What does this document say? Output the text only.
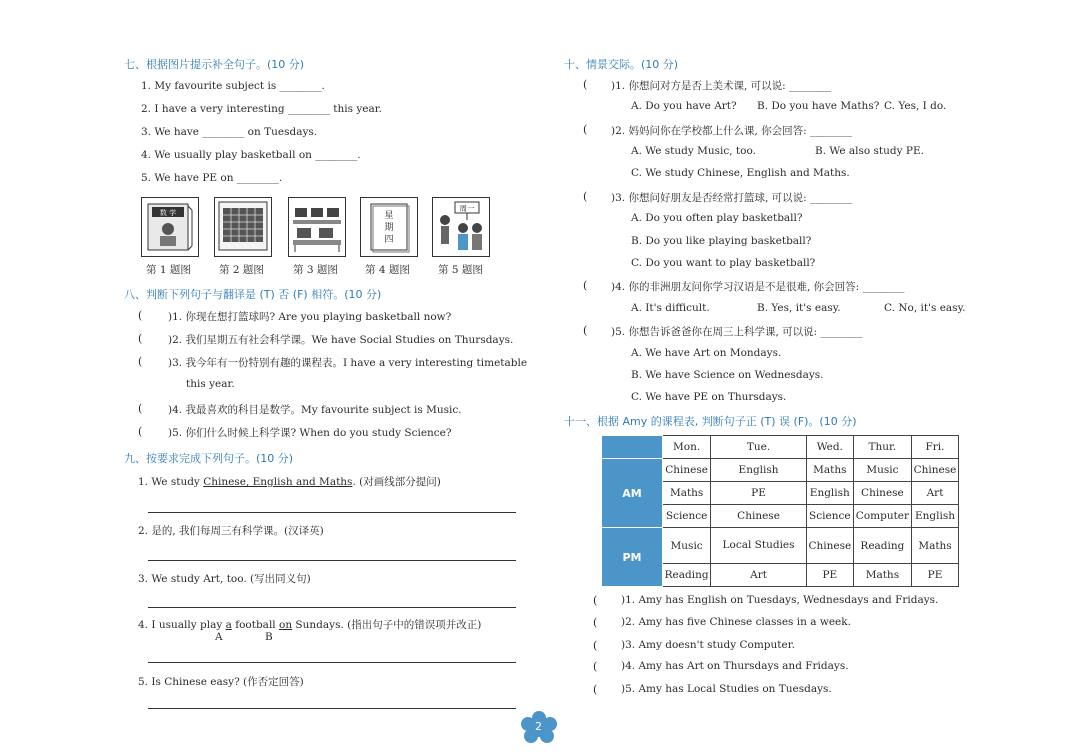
七、根据图片提示补全句子。(10 分)
1. My favourite subject is ________.
2. I have a very interesting ________ this year.
3. We have ________ on Tuesdays.
4. We usually play basketball on ________.
5. We have PE on ________.
数 学	星
期
四
周一
第 1 题图	第 2 题图	第 3 题图	第 4 题图	第 5 题图
八、判断下列句子与翻译是 (T) 否 (F) 相符。(10 分)
( )1. 你现在想打篮球吗? Are you playing basketball now?
( )2. 我们星期五有社会科学课。We have Social Studies on Thursdays.
( )3. 我今年有一份特别有趣的课程表。I have a very interesting timetable
this year.
( )4. 我最喜欢的科目是数学。My favourite subject is Music.
( )5. 你们什么时候上科学课? When do you study Science?
九、按要求完成下列句子。(10 分)
1. We study Chinese, English and Maths. (对画线部分提问)
2. 是的, 我们每周三有科学课。(汉译英)
3. We study Art, too. (写出同义句)
4. I usually play a football on Sundays. (指出句子中的错误项并改正)
A	B
5. Is Chinese easy? (作否定回答)
十、情景交际。(10 分)
( )1. 你想问对方是否上美术课, 可以说: ________
A. Do you have Art? B. Do you have Maths? C. Yes, I do.
( )2. 妈妈问你在学校都上什么课, 你会回答: ________
A. We study Music, too.	B. We also study PE.
C. We study Chinese, English and Maths.
( )3. 你想问好朋友是否经常打篮球, 可以说: ________
A. Do you often play basketball?
B. Do you like playing basketball?
C. Do you want to play basketball?
( )4. 你的非洲朋友问你学习汉语是不是很难, 你会回答: ________
A. It's difficult.	B. Yes, it's easy.	C. No, it's easy.
( )5. 你想告诉爸爸你在周三上科学课, 可以说: ________
A. We have Art on Mondays.
B. We have Science on Wednesdays.
C. We have PE on Thursdays.
十一、根据 Amy 的课程表, 判断句子正 (T) 误 (F)。(10 分)
	Mon.	Tue.	Wed.	Thur.	Fri.
AM	Chinese	English	Maths	Music	Chinese
	Maths	PE	English	Chinese	Art
	Science	Chinese	Science	Computer	English
PM	Music	Local Studies	Chinese	Reading	Maths
	Reading	Art	PE	Maths	PE
( )1. Amy has English on Tuesdays, Wednesdays and Fridays.
( )2. Amy has five Chinese classes in a week.
( )3. Amy doesn't study Computer.
( )4. Amy has Art on Thursdays and Fridays.
( )5. Amy has Local Studies on Tuesdays.
2
